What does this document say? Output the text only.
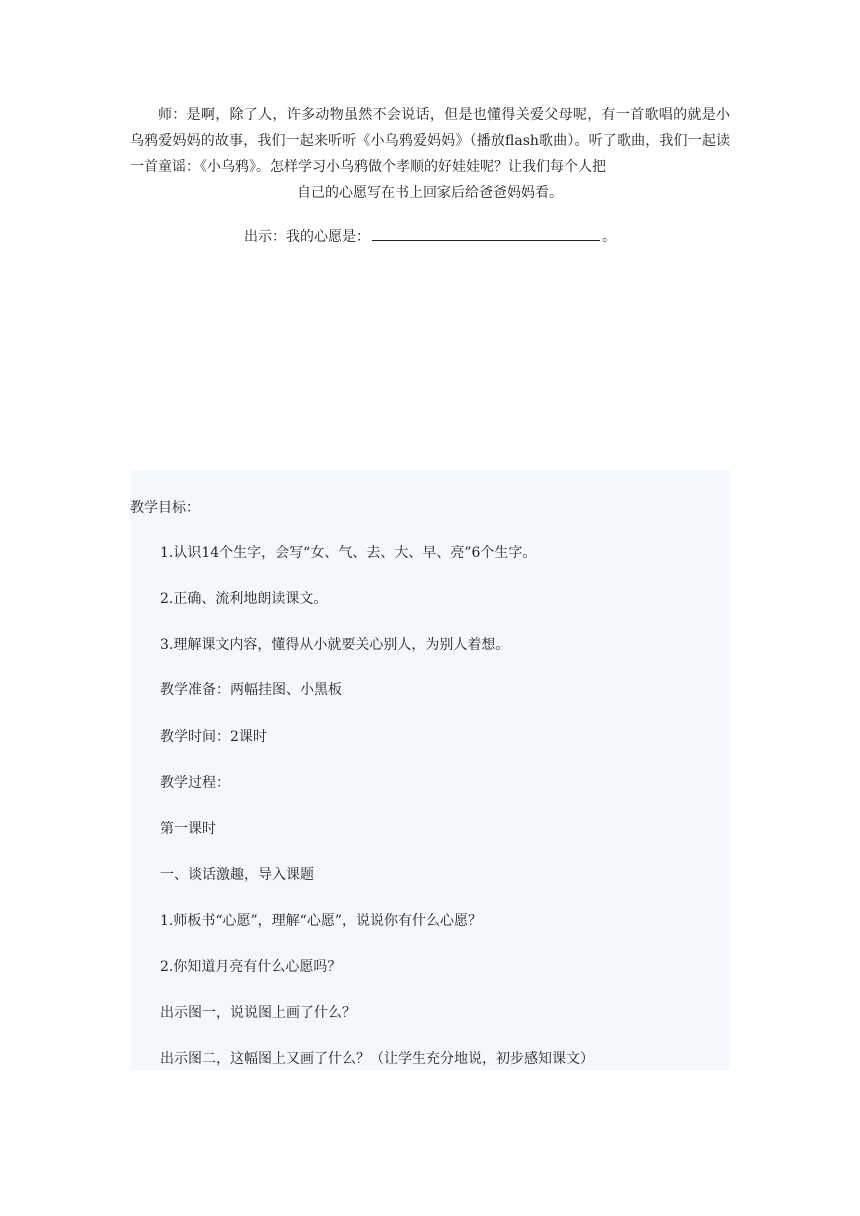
师：是啊，除了人，许多动物虽然不会说话，但是也懂得关爱父母呢，有一首歌唱的就是小乌鸦爱妈妈的故事，我们一起来听听《小乌鸦爱妈妈》（播放flash歌曲）。听了歌曲，我们一起读一首童谣：《小乌鸦》。怎样学习小乌鸦做个孝顺的好娃娃呢？让我们每个人把

自己的心愿写在书上回家后给爸爸妈妈看。

出示：我的心愿是：	。
教学目标：
1.认识14个生字，会写“女、气、去、大、早、亮”6个生字。
2.正确、流利地朗读课文。
3.理解课文内容，懂得从小就要关心别人，为别人着想。
教学准备：两幅挂图、小黑板
教学时间：2课时
教学过程：
第一课时
一、谈话激趣，导入课题
1.师板书“心愿”，理解“心愿”，说说你有什么心愿？
2.你知道月亮有什么心愿吗？
出示图一，说说图上画了什么？
出示图二，这幅图上又画了什么？（让学生充分地说，初步感知课文）
